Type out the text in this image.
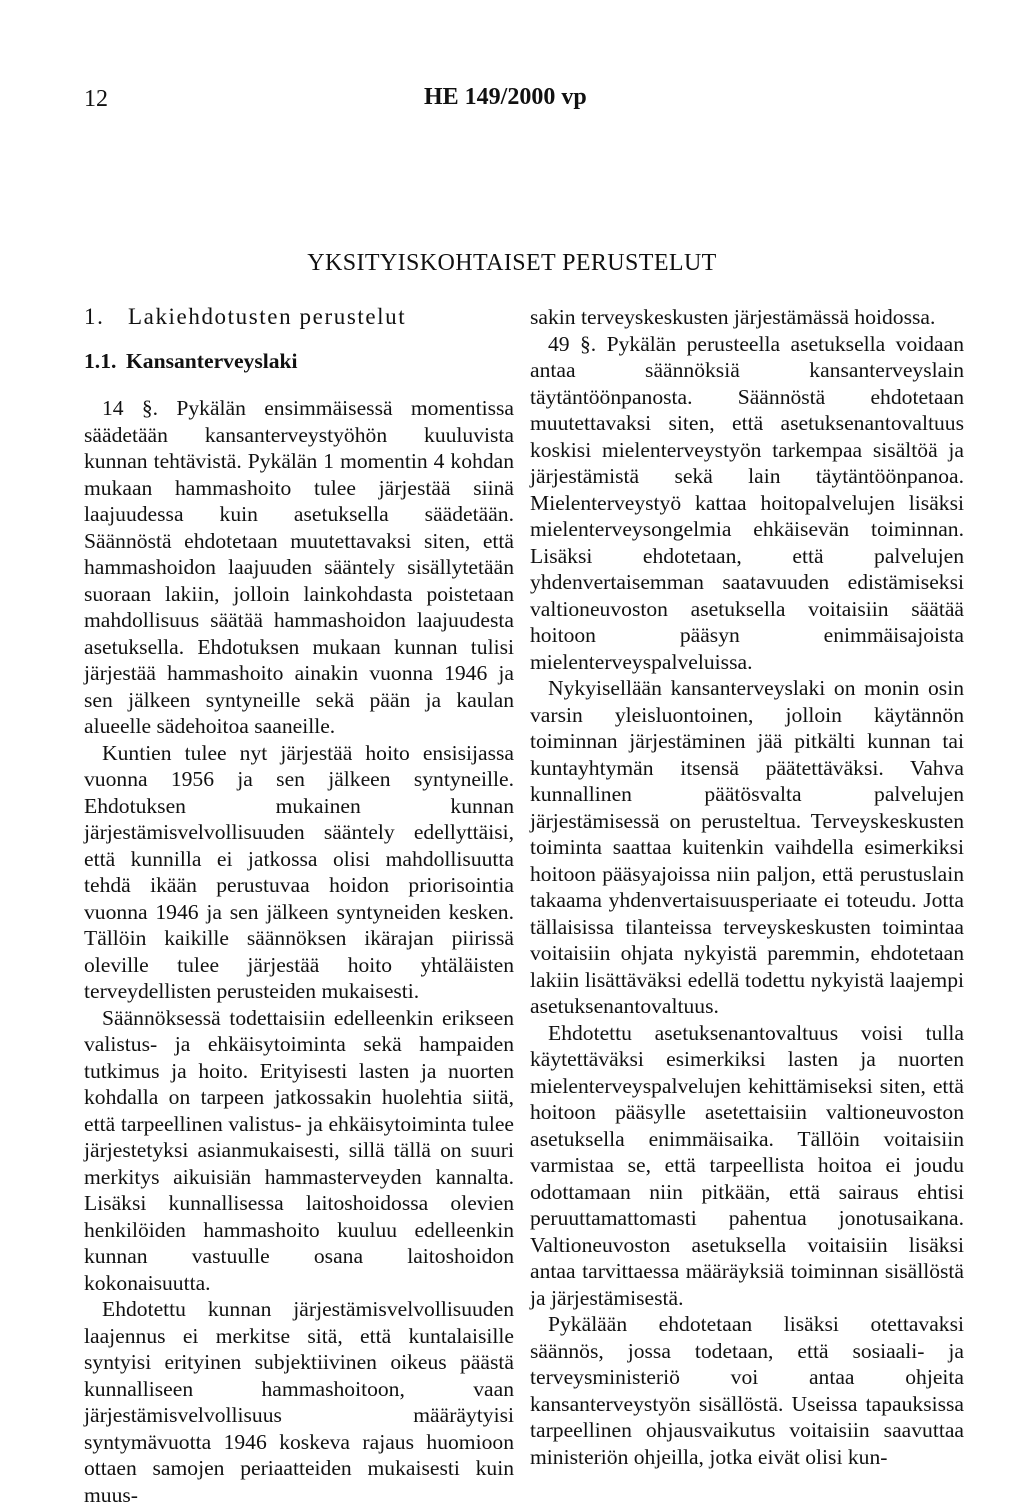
12	HE 149/2000 vp
YKSITYISKOHTAISET PERUSTELUT
1. Lakiehdotusten perustelut
1.1. Kansanterveyslaki

14 §. Pykälän ensimmäisessä momentissa säädetään kansanterveystyöhön kuuluvista kunnan tehtävistä. Pykälän 1 momentin 4 kohdan mukaan hammashoito tulee järjestää siinä laajuudessa kuin asetuksella säädetään. Säännöstä ehdotetaan muutettavaksi siten, että hammashoidon laajuuden sääntely sisällytetään suoraan lakiin, jolloin lainkohdasta poistetaan mahdollisuus säätää hammashoidon laajuudesta asetuksella. Ehdotuksen mukaan kunnan tulisi järjestää hammashoito ainakin vuonna 1946 ja sen jälkeen syntyneille sekä pään ja kaulan alueelle sädehoitoa saaneille.

Kuntien tulee nyt järjestää hoito ensisijassa vuonna 1956 ja sen jälkeen syntyneille. Ehdotuksen mukainen kunnan järjestämisvelvollisuuden sääntely edellyttäisi, että kunnilla ei jatkossa olisi mahdollisuutta tehdä ikään perustuvaa hoidon priorisointia vuonna 1946 ja sen jälkeen syntyneiden kesken. Tällöin kaikille säännöksen ikärajan piirissä oleville tulee järjestää hoito yhtäläisten terveydellisten perusteiden mukaisesti.

Säännöksessä todettaisiin edelleenkin erikseen valistus- ja ehkäisytoiminta sekä hampaiden tutkimus ja hoito. Erityisesti lasten ja nuorten kohdalla on tarpeen jatkossakin huolehtia siitä, että tarpeellinen valistus- ja ehkäisytoiminta tulee järjestetyksi asianmukaisesti, sillä tällä on suuri merkitys aikuisiän hammasterveyden kannalta. Lisäksi kunnallisessa laitoshoidossa olevien henkilöiden hammashoito kuuluu edelleenkin kunnan vastuulle osana laitoshoidon kokonaisuutta.

Ehdotettu kunnan järjestämisvelvollisuuden laajennus ei merkitse sitä, että kuntalaisille syntyisi erityinen subjektiivinen oikeus päästä kunnalliseen hammashoitoon, vaan järjestämisvelvollisuus määräytyisi syntymävuotta 1946 koskeva rajaus huomioon ottaen samojen periaatteiden mukaisesti kuin muus-

sakin terveyskeskusten järjestämässä hoidossa.

49 §. Pykälän perusteella asetuksella voidaan antaa säännöksiä kansanterveyslain täytäntöönpanosta. Säännöstä ehdotetaan muutettavaksi siten, että asetuksenantovaltuus koskisi mielenterveystyön tarkempaa sisältöä ja järjestämistä sekä lain täytäntöönpanoa. Mielenterveystyö kattaa hoitopalvelujen lisäksi mielenterveysongelmia ehkäisevän toiminnan. Lisäksi ehdotetaan, että palvelujen yhdenvertaisemman saatavuuden edistämiseksi valtioneuvoston asetuksella voitaisiin säätää hoitoon pääsyn enimmäisajoista mielenterveyspalveluissa.

Nykyisellään kansanterveyslaki on monin osin varsin yleisluontoinen, jolloin käytännön toiminnan järjestäminen jää pitkälti kunnan tai kuntayhtymän itsensä päätettäväksi. Vahva kunnallinen päätösvalta palvelujen järjestämisessä on perusteltua. Terveyskeskusten toiminta saattaa kuitenkin vaihdella esimerkiksi hoitoon pääsyajoissa niin paljon, että perustuslain takaama yhdenvertaisuusperiaate ei toteudu. Jotta tällaisissa tilanteissa terveyskeskusten toimintaa voitaisiin ohjata nykyistä paremmin, ehdotetaan lakiin lisättäväksi edellä todettu nykyistä laajempi asetuksenantovaltuus.

Ehdotettu asetuksenantovaltuus voisi tulla käytettäväksi esimerkiksi lasten ja nuorten mielenterveyspalvelujen kehittämiseksi siten, että hoitoon pääsylle asetettaisiin valtioneuvoston asetuksella enimmäisaika. Tällöin voitaisiin varmistaa se, että tarpeellista hoitoa ei joudu odottamaan niin pitkään, että sairaus ehtisi peruuttamattomasti pahentua jonotusaikana. Valtioneuvoston asetuksella voitaisiin lisäksi antaa tarvittaessa määräyksiä toiminnan sisällöstä ja järjestämisestä.

Pykälään ehdotetaan lisäksi otettavaksi säännös, jossa todetaan, että sosiaali- ja terveysministeriö voi antaa ohjeita kansanterveystyön sisällöstä. Useissa tapauksissa tarpeellinen ohjausvaikutus voitaisiin saavuttaa ministeriön ohjeilla, jotka eivät olisi kun-
